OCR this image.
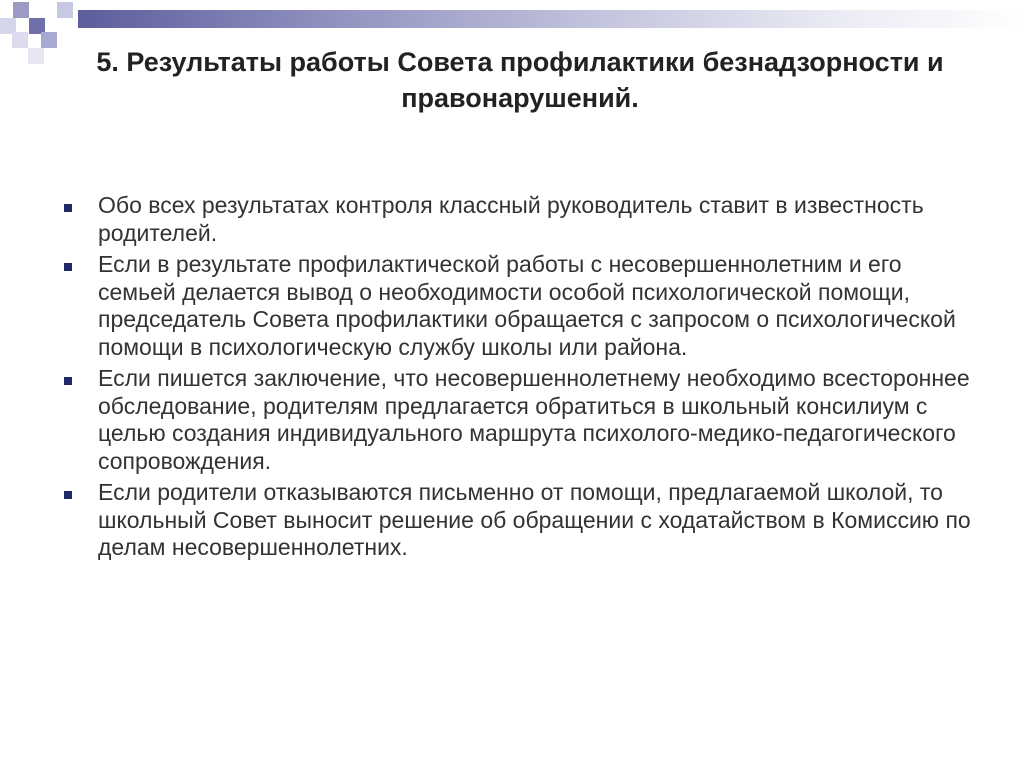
5. Результаты работы Совета профилактики безнадзорности и правонарушений.
Обо всех результатах контроля классный руководитель ставит в известность родителей.
Если в результате профилактической работы с несовершеннолетним и его семьей делается вывод о необходимости особой психологической помощи, председатель Совета профилактики обращается с запросом о психологической помощи в психологическую службу школы или района.
Если пишется заключение, что несовершеннолетнему необходимо всестороннее обследование, родителям предлагается обратиться в школьный консилиум с целью создания индивидуального маршрута психолого-медико-педагогического сопровождения.
Если родители отказываются письменно от помощи, предлагаемой школой, то школьный Совет выносит решение об обращении с ходатайством в Комиссию по делам несовершеннолетних.
